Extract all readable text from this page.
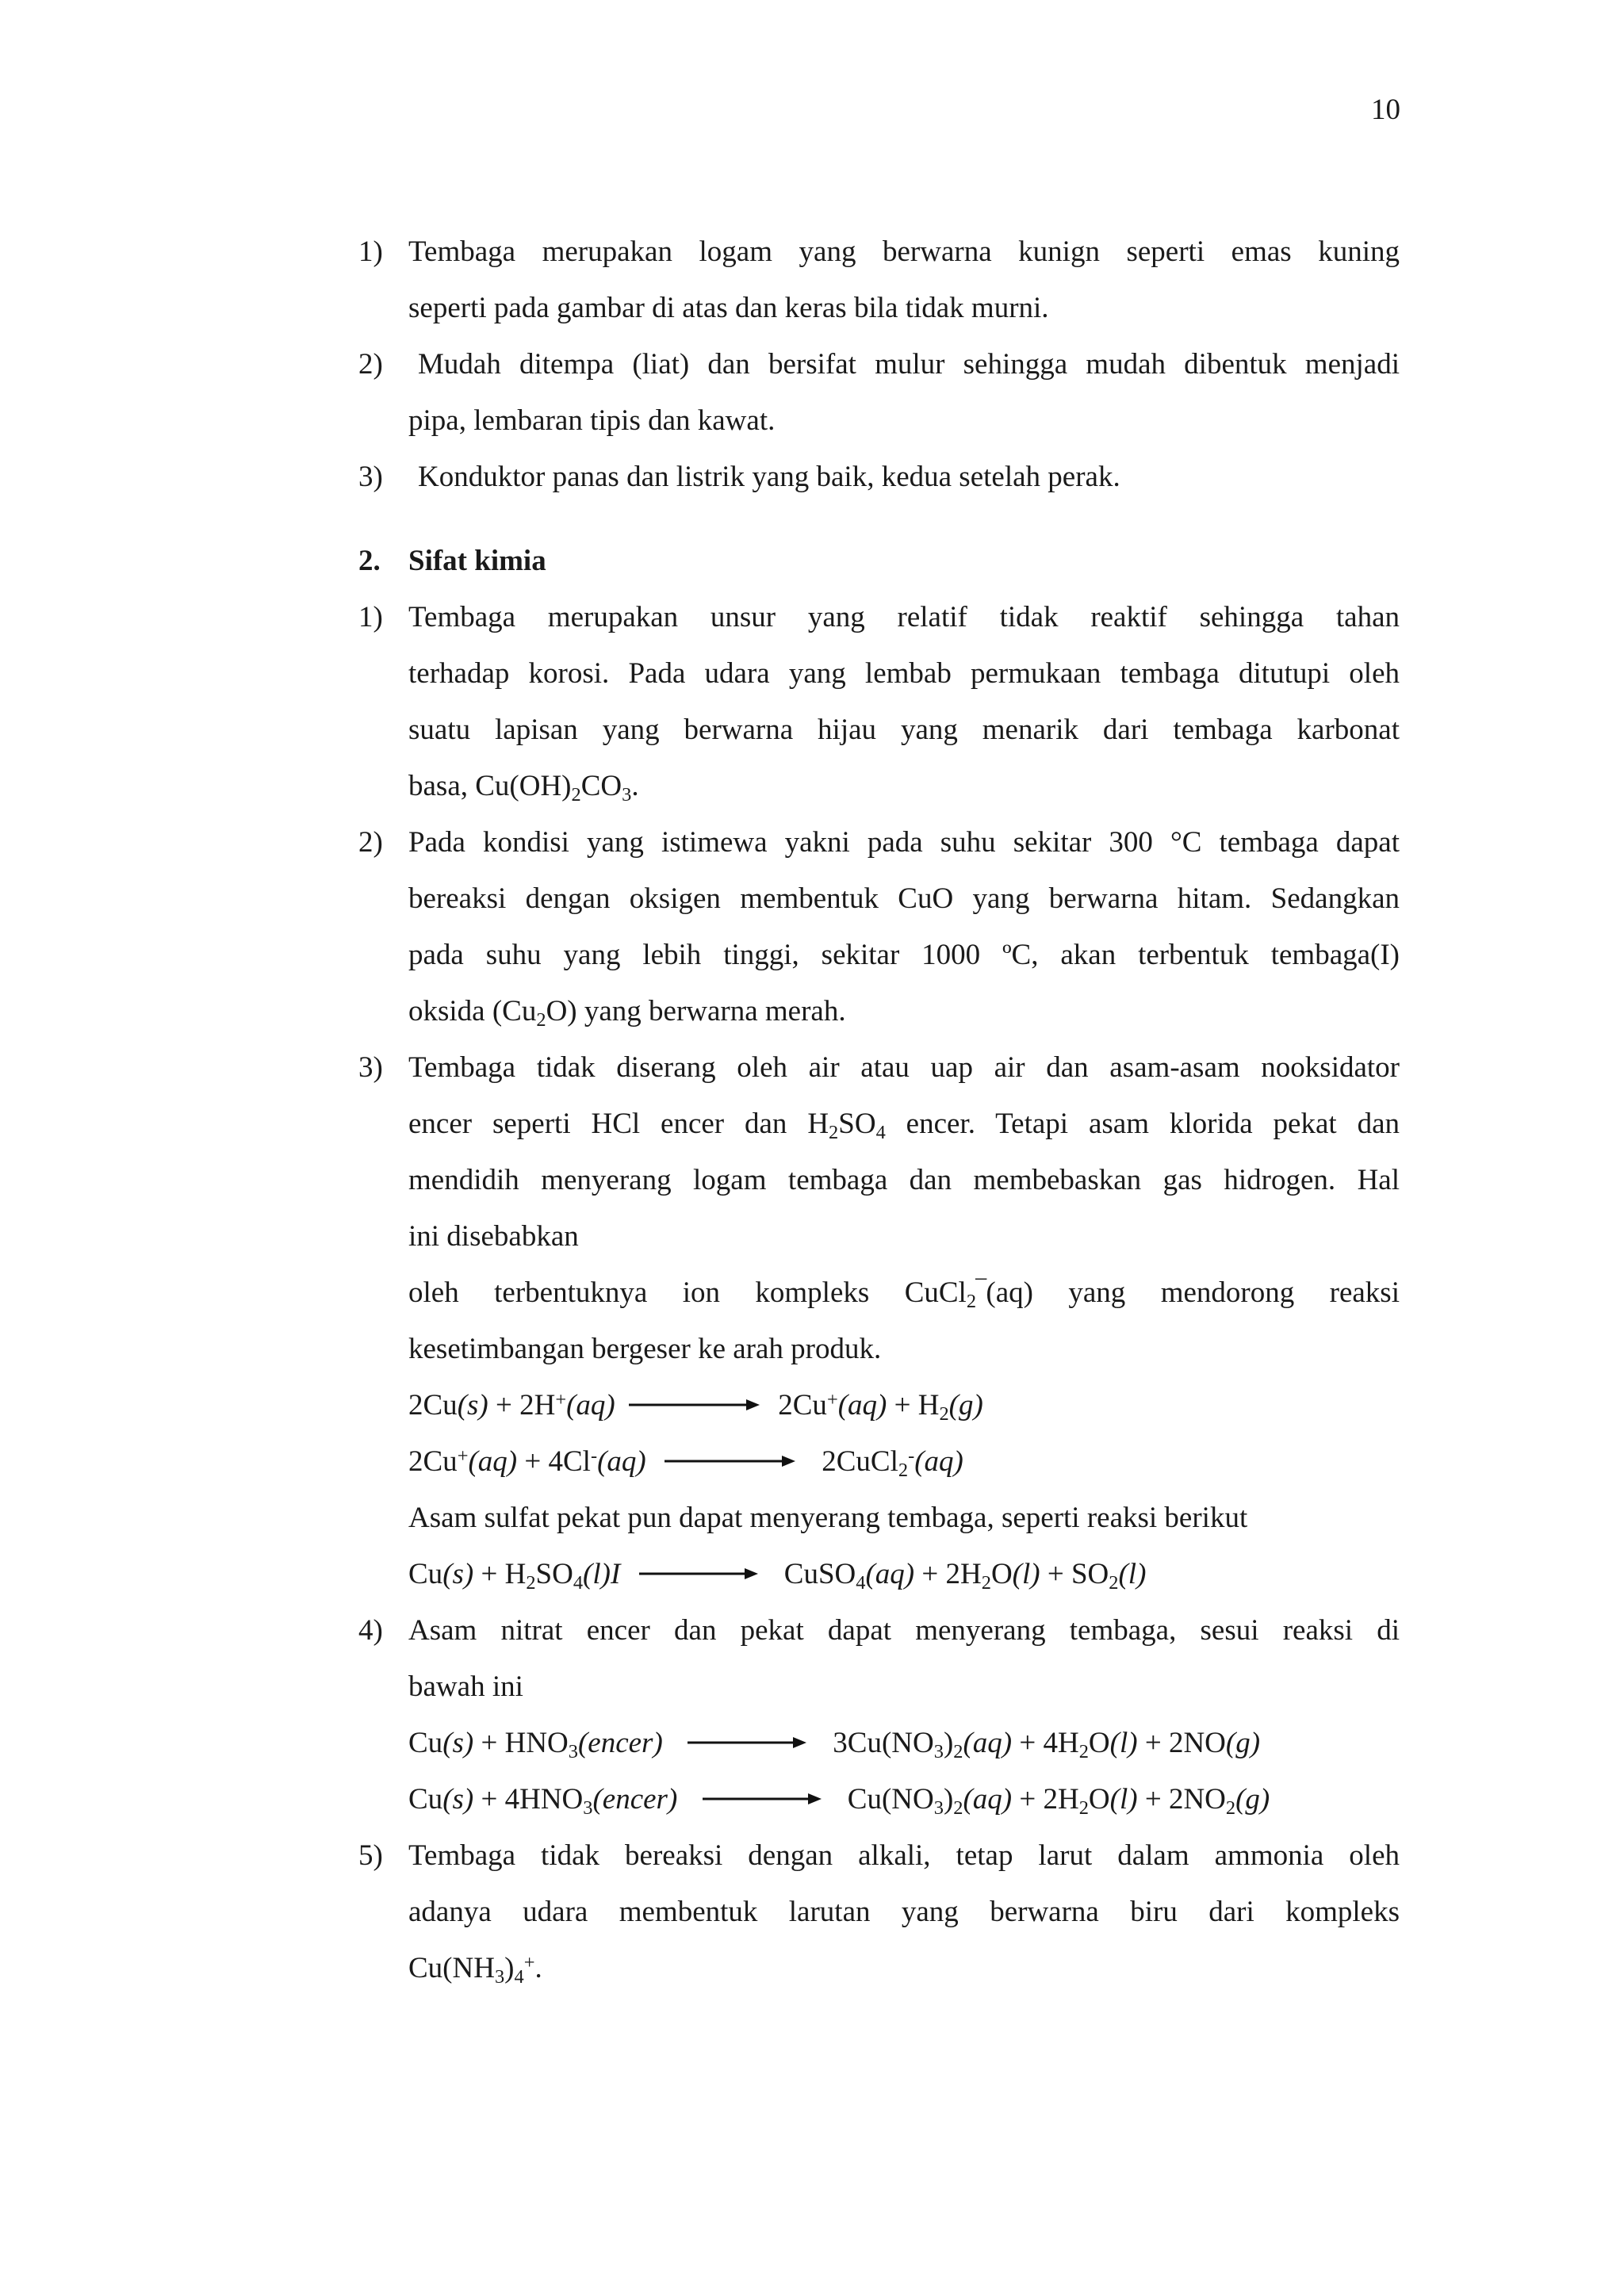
10
1) Tembaga merupakan logam yang berwarna kunign seperti emas kuning
seperti pada gambar di atas dan keras bila tidak murni.
2) Mudah ditempa (liat) dan bersifat mulur sehingga mudah dibentuk menjadi
pipa, lembaran tipis dan kawat.
3) Konduktor panas dan listrik yang baik, kedua setelah perak.
2. Sifat kimia
1) Tembaga merupakan unsur yang relatif tidak reaktif sehingga tahan
terhadap korosi. Pada udara yang lembab permukaan tembaga ditutupi oleh
suatu lapisan yang berwarna hijau yang menarik dari tembaga karbonat
basa, $Cu(OH)_2CO_3$.
2) Pada kondisi yang istimewa yakni pada suhu sekitar 300 °C tembaga dapat
bereaksi dengan oksigen membentuk CuO yang berwarna hitam. Sedangkan
pada suhu yang lebih tinggi, sekitar 1000 ºC, akan terbentuk tembaga(I)
oksida $(Cu_2O)$ yang berwarna merah.
3) Tembaga tidak diserang oleh air atau uap air dan asam-asam nooksidator
encer seperti HCl encer dan $H_2SO_4$ encer. Tetapi asam klorida pekat dan
mendidih menyerang logam tembaga dan membebaskan gas hidrogen. Hal
ini disebabkan
oleh terbentuknya ion kompleks CuCl$_2$‾(aq) yang mendorong reaksi
kesetimbangan bergeser ke arah produk.
2Cu(s) + 2H+(aq)	$2Cu^+(aq) + H_2(g)$
2Cu+(aq) + 4Cl-(aq)	2CuCl$_2$-(aq)
Asam sulfat pekat pun dapat menyerang tembaga, seperti reaksi berikut
$Cu(s) + H_2SO_4(l)I$	CuSO$_4$(aq) + $2H_2O(l) + SO_2(l)$
4) Asam nitrat encer dan pekat dapat menyerang tembaga, sesui reaksi di
bawah ini
$Cu(s) + HNO_3(encer)$	$3Cu(NO_3)_2(aq) + 4H_2O(l) + 2NO(g)$
$Cu(s) + 4HNO_3(encer)$	$Cu(NO_3)_2(aq) + 2H_2O(l) + 2NO_2(g)$
5) Tembaga tidak bereaksi dengan alkali, tetap larut dalam ammonia oleh
adanya udara membentuk larutan yang berwarna biru dari kompleks
$Cu(NH_3)_4^+$.
